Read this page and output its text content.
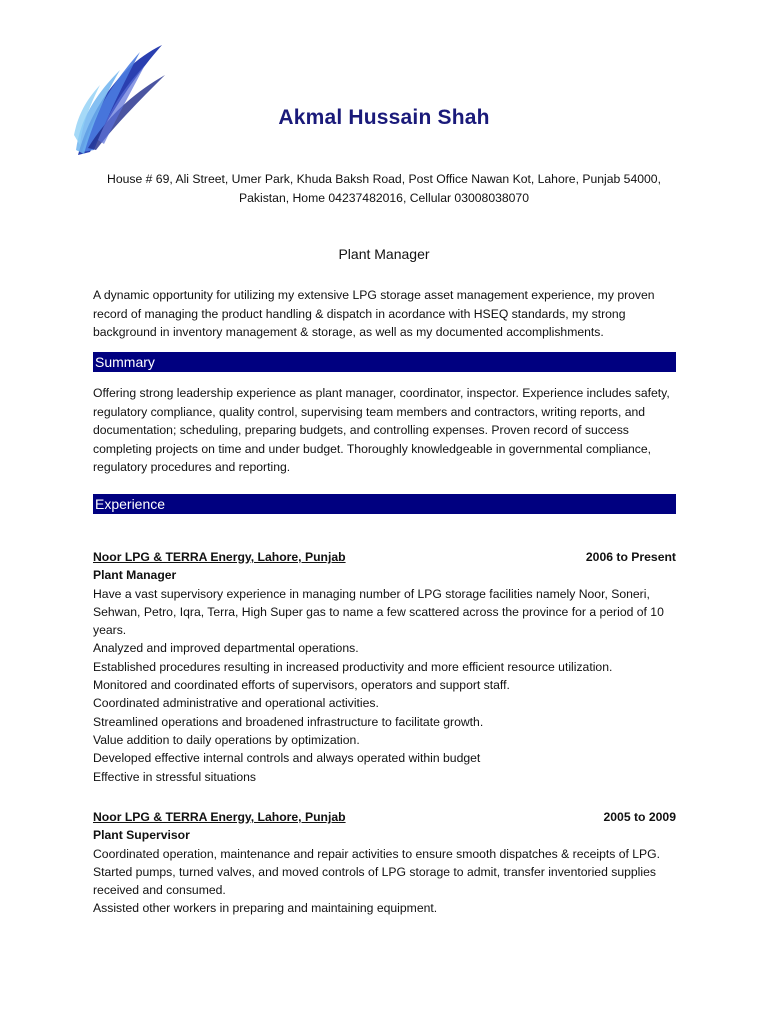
Akmal Hussain Shah
House # 69, Ali Street, Umer Park, Khuda Baksh Road, Post Office Nawan Kot, Lahore, Punjab 54000, Pakistan, Home 04237482016, Cellular 03008038070
Plant Manager
A dynamic opportunity for utilizing my extensive LPG storage asset management experience, my proven record of managing the product handling & dispatch in acordance with HSEQ standards, my strong background in inventory management & storage, as well as my documented accomplishments.
Summary
Offering strong leadership experience as plant manager, coordinator, inspector. Experience includes safety, regulatory compliance, quality control, supervising team members and contractors, writing reports, and documentation; scheduling, preparing budgets, and controlling expenses. Proven record of success completing projects on time and under budget. Thoroughly knowledgeable in governmental compliance, regulatory procedures and reporting.
Experience
Noor LPG & TERRA Energy, Lahore, Punjab	2006 to Present
Plant Manager
Have a vast supervisory experience in managing number of LPG storage facilities namely Noor, Soneri, Sehwan, Petro, Iqra, Terra, High Super gas to name a few scattered across the province for a period of 10 years.
Analyzed and improved departmental operations.
Established procedures resulting in increased productivity and more efficient resource utilization.
Monitored and coordinated efforts of supervisors, operators and support staff.
Coordinated administrative and operational activities.
Streamlined operations and broadened infrastructure to facilitate growth.
Value addition to daily operations by optimization.
Developed effective internal controls and always operated within budget
Effective in stressful situations
Noor LPG & TERRA Energy, Lahore, Punjab	2005 to 2009
Plant Supervisor
Coordinated operation, maintenance and repair activities to ensure smooth dispatches & receipts of LPG.
Started pumps, turned valves, and moved controls of LPG storage to admit, transfer inventoried supplies received and consumed.
Assisted other workers in preparing and maintaining equipment.
